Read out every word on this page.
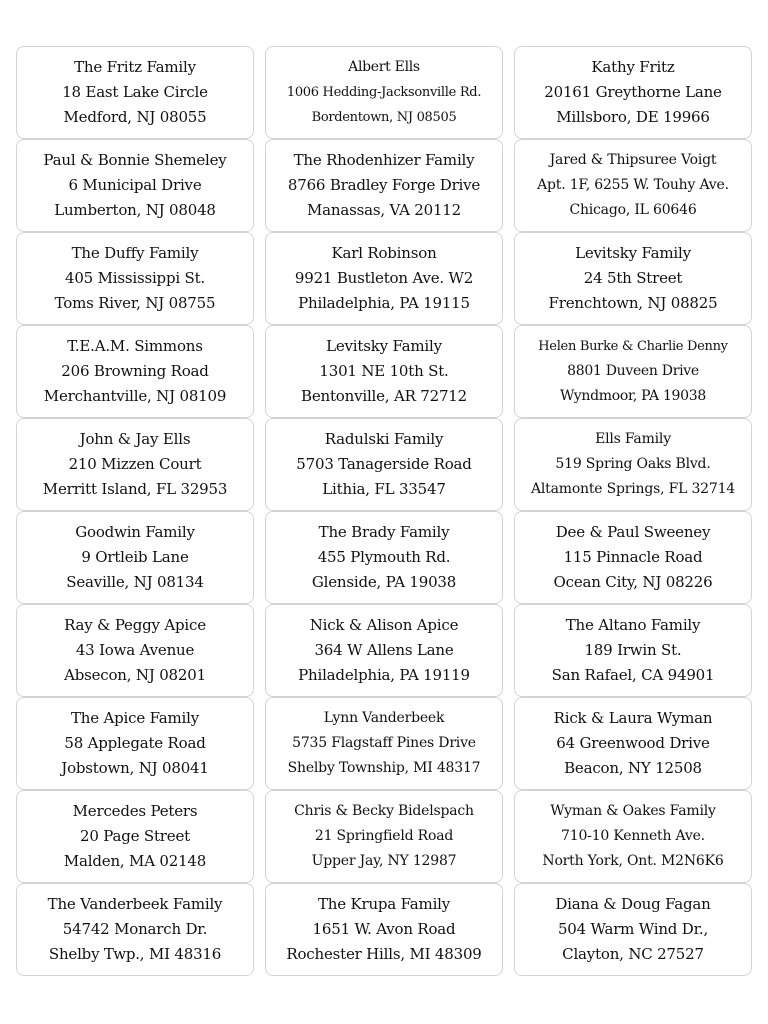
The Fritz Family
18 East Lake Circle
Medford, NJ 08055
Albert Ells
1006 Hedding-Jacksonville Rd.
Bordentown, NJ 08505
Kathy Fritz
20161 Greythorne Lane
Millsboro, DE 19966
Paul & Bonnie Shemeley
6 Municipal Drive
Lumberton, NJ 08048
The Rhodenhizer Family
8766 Bradley Forge Drive
Manassas, VA 20112
Jared & Thipsuree Voigt
Apt. 1F, 6255 W. Touhy Ave.
Chicago, IL 60646
The Duffy Family
405 Mississippi St.
Toms River, NJ 08755
Karl Robinson
9921 Bustleton Ave. W2
Philadelphia, PA 19115
Levitsky Family
24 5th Street
Frenchtown, NJ 08825
T.E.A.M. Simmons
206 Browning Road
Merchantville, NJ 08109
Levitsky Family
1301 NE 10th St.
Bentonville, AR 72712
Helen Burke & Charlie Denny
8801 Duveen Drive
Wyndmoor, PA 19038
John & Jay Ells
210 Mizzen Court
Merritt Island, FL 32953
Radulski Family
5703 Tanagerside Road
Lithia, FL 33547
Ells Family
519 Spring Oaks Blvd.
Altamonte Springs, FL 32714
Goodwin Family
9 Ortleib Lane
Seaville, NJ 08134
The Brady Family
455 Plymouth Rd.
Glenside, PA 19038
Dee & Paul Sweeney
115 Pinnacle Road
Ocean City, NJ 08226
Ray & Peggy Apice
43 Iowa Avenue
Absecon, NJ 08201
Nick & Alison Apice
364 W Allens Lane
Philadelphia, PA 19119
The Altano Family
189 Irwin St.
San Rafael, CA 94901
The Apice Family
58 Applegate Road
Jobstown, NJ 08041
Lynn Vanderbeek
5735 Flagstaff Pines Drive
Shelby Township, MI 48317
Rick & Laura Wyman
64 Greenwood Drive
Beacon, NY 12508
Mercedes Peters
20 Page Street
Malden, MA 02148
Chris & Becky Bidelspach
21 Springfield Road
Upper Jay, NY 12987
Wyman & Oakes Family
710-10 Kenneth Ave.
North York, Ont. M2N6K6
The Vanderbeek Family
54742 Monarch Dr.
Shelby Twp., MI 48316
The Krupa Family
1651 W. Avon Road
Rochester Hills, MI 48309
Diana & Doug Fagan
504 Warm Wind Dr.,
Clayton, NC 27527
